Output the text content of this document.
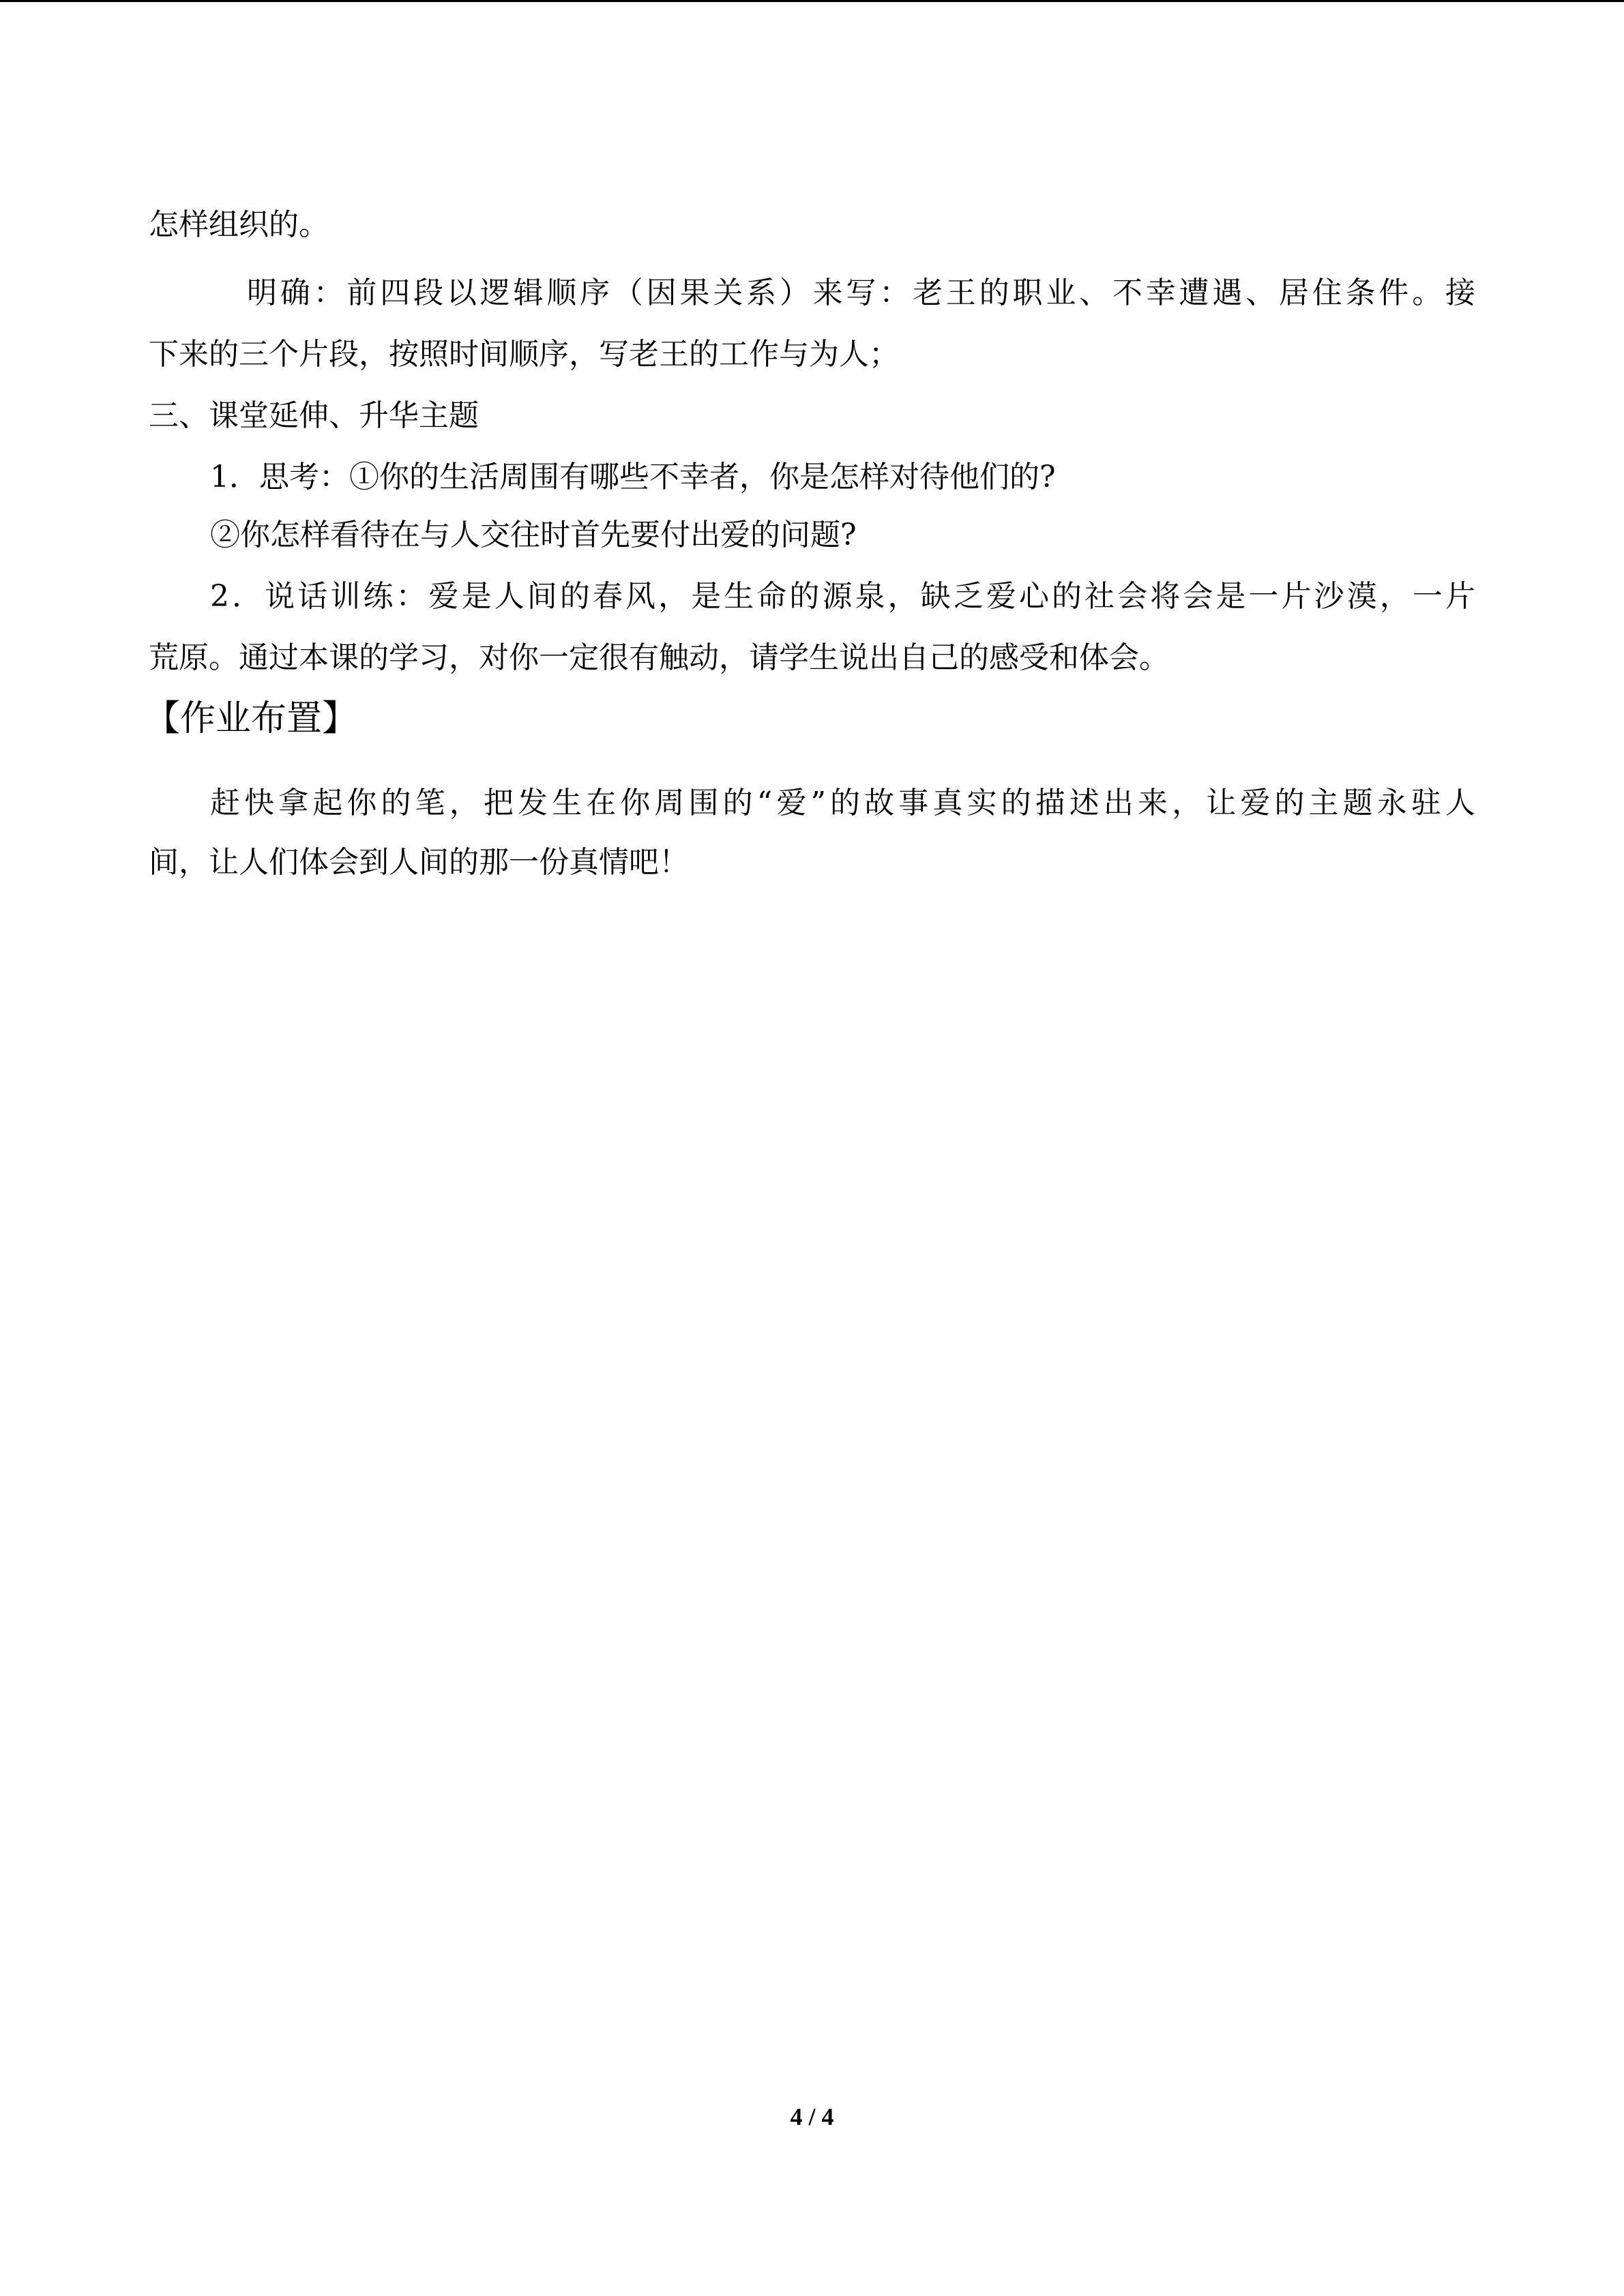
怎样组织的。
明确：前四段以逻辑顺序（因果关系）来写：老王的职业、不幸遭遇、居住条件。接
下来的三个片段，按照时间顺序，写老王的工作与为人；
三、课堂延伸、升华主题
1．思考：①你的生活周围有哪些不幸者，你是怎样对待他们的?
②你怎样看待在与人交往时首先要付出爱的问题?
2．说话训练：爱是人间的春风，是生命的源泉，缺乏爱心的社会将会是一片沙漠，一片
荒原。通过本课的学习，对你一定很有触动，请学生说出自己的感受和体会。
【作业布置】
赶快拿起你的笔，把发生在你周围的“爱”的故事真实的描述出来，让爱的主题永驻人
间，让人们体会到人间的那一份真情吧！
4 / 4
